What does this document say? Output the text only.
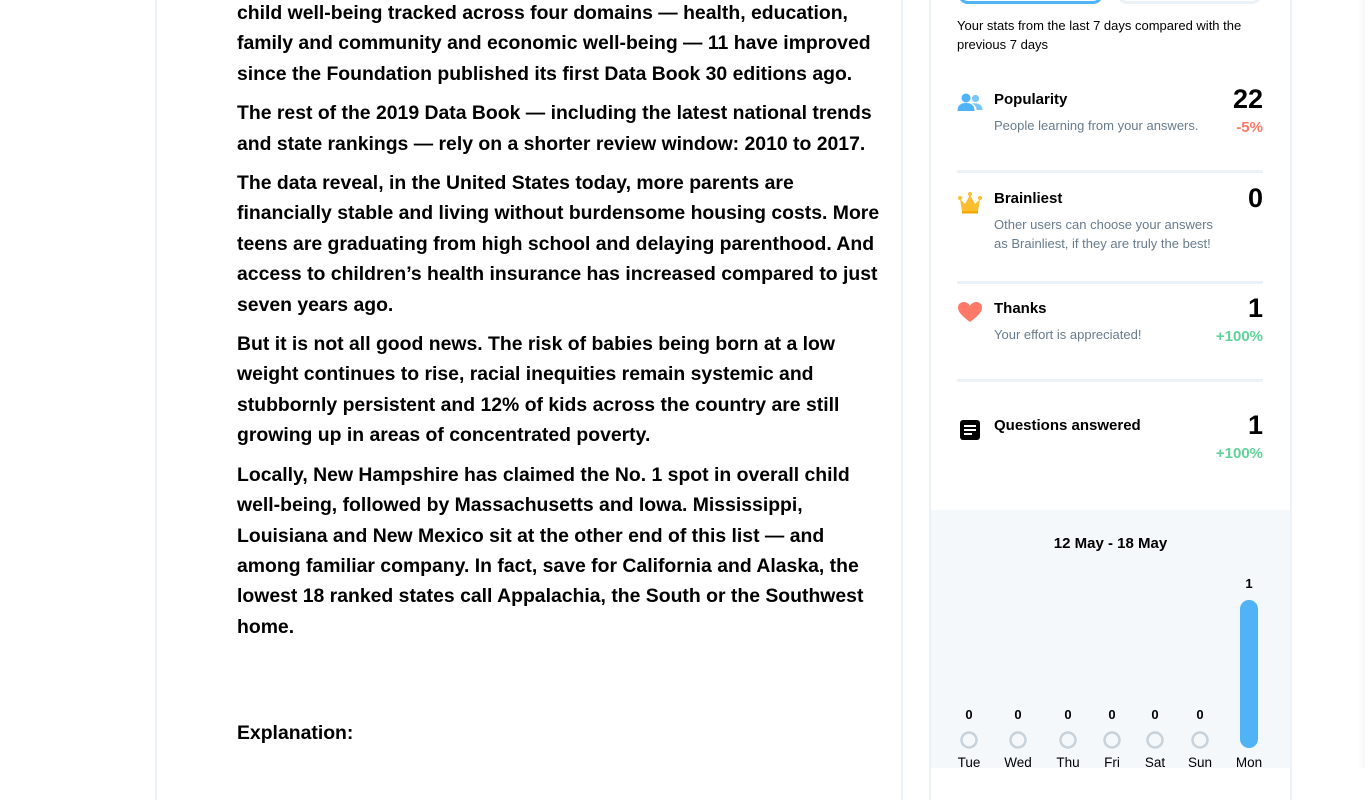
child well-being tracked across four domains — health, education, family and community and economic well-being — 11 have improved since the Foundation published its first Data Book 30 editions ago.

The rest of the 2019 Data Book — including the latest national trends and state rankings — rely on a shorter review window: 2010 to 2017.

The data reveal, in the United States today, more parents are financially stable and living without burdensome housing costs. More teens are graduating from high school and delaying parenthood. And access to children’s health insurance has increased compared to just seven years ago.

But it is not all good news. The risk of babies being born at a low weight continues to rise, racial inequities remain systemic and stubbornly persistent and 12% of kids across the country are still growing up in areas of concentrated poverty.

Locally, New Hampshire has claimed the No. 1 spot in overall child well-being, followed by Massachusetts and Iowa. Mississippi, Louisiana and New Mexico sit at the other end of this list — and among familiar company. In fact, save for California and Alaska, the lowest 18 ranked states call Appalachia, the South or the Southwest home.

Explanation:
Your stats from the last 7 days compared with the previous 7 days
Popularity
People learning from your answers.
22
-5%
Brainliest
Other users can choose your answers as Brainliest, if they are truly the best!
0
Thanks
Your effort is appreciated!
1
+100%
Questions answered	1
+100%
12 May - 18 May
0
Tue
0
Wed
0
Thu
0
Fri
0
Sat
0
Sun
1
Mon
